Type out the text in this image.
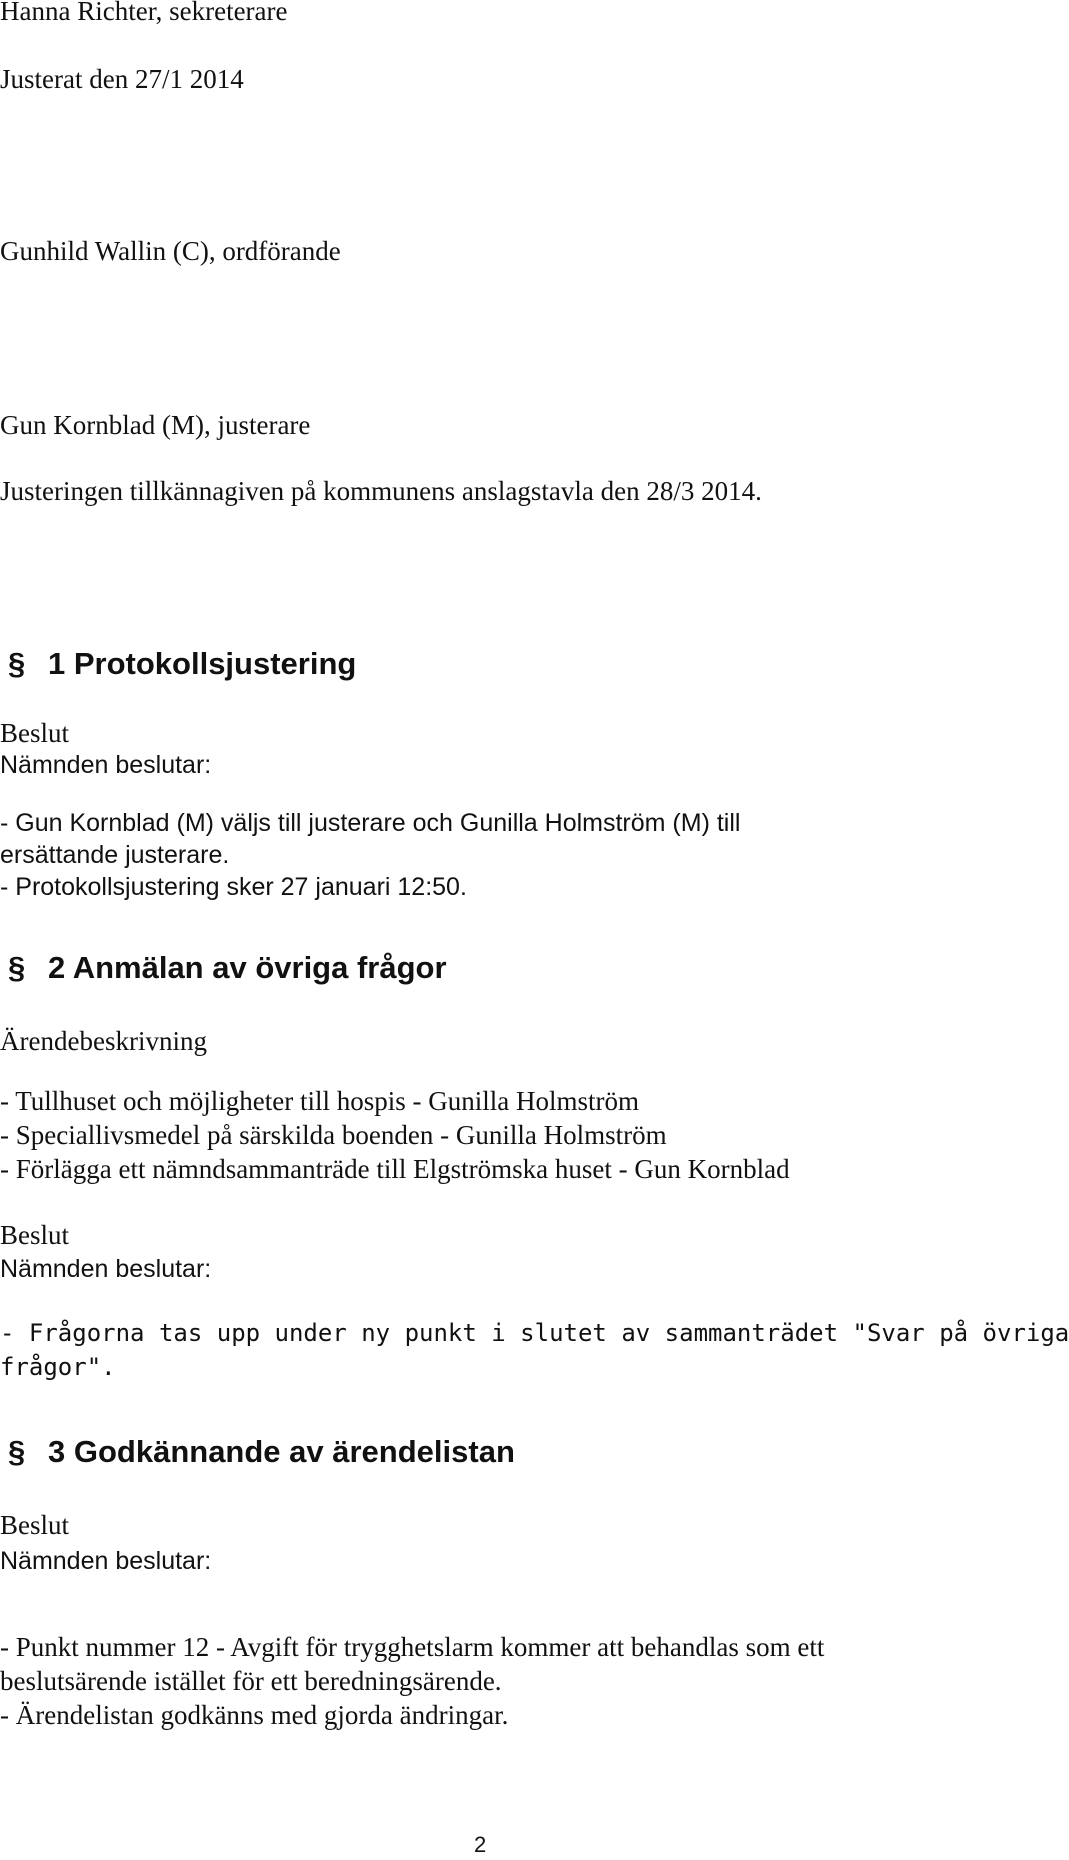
Hanna Richter, sekreterare

Justerat den 27/1 2014

Gunhild Wallin (C), ordförande

Gun Kornblad (M), justerare

Justeringen tillkännagiven på kommunens anslagstavla den 28/3 2014.

§ 1 Protokollsjustering

Beslut

Nämnden beslutar:

- Gun Kornblad (M) väljs till justerare och Gunilla Holmström (M) till

ersättande justerare.

- Protokollsjustering sker 27 januari 12:50.

§ 2 Anmälan av övriga frågor

Ärendebeskrivning

- Tullhuset och möjligheter till hospis - Gunilla Holmström

- Speciallivsmedel på särskilda boenden - Gunilla Holmström

- Förlägga ett nämndsammanträde till Elgströmska huset - Gun Kornblad

Beslut

Nämnden beslutar:

- Frågorna tas upp under ny punkt i slutet av sammanträdet "Svar på övriga

frågor".

§ 3 Godkännande av ärendelistan

Beslut

Nämnden beslutar:

- Punkt nummer 12 - Avgift för trygghetslarm kommer att behandlas som ett

beslutsärende istället för ett beredningsärende.

- Ärendelistan godkänns med gjorda ändringar.

2
